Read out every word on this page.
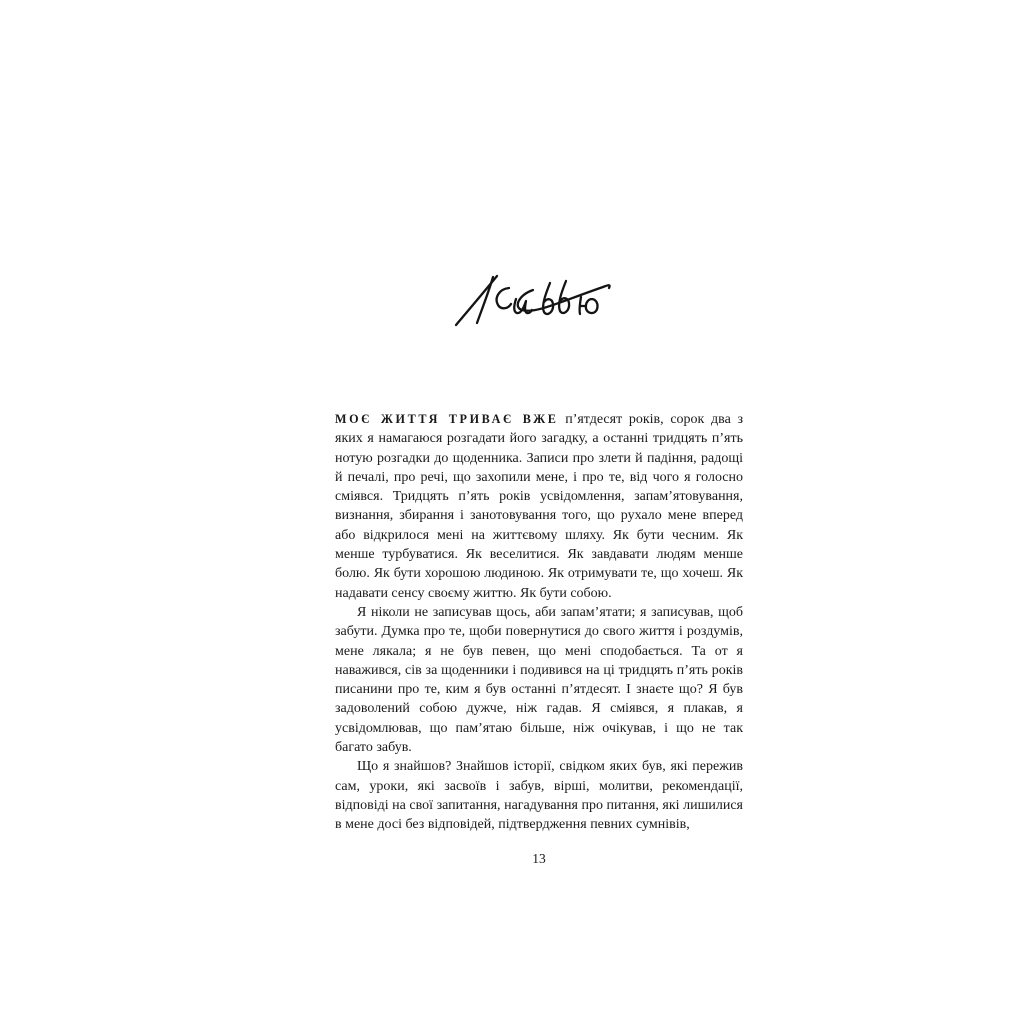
МОЄ ЖИТТЯ ТРИВАЄ ВЖЕ п’ятдесят років, сорок два з яких я намагаюся розгадати його загадку, а останні тридцять п’ять нотую розгадки до щоденника. Записи про злети й падіння, радощі й печалі, про речі, що захопили мене, і про те, від чого я голосно сміявся. Тридцять п’ять років усвідомлення, запам’ятовування, визнання, збирання і занотовування того, що рухало мене вперед або відкрилося мені на життєвому шляху. Як бути чесним. Як менше турбуватися. Як веселитися. Як завдавати людям менше болю. Як бути хорошою людиною. Як отримувати те, що хочеш. Як надавати сенсу своєму життю. Як бути собою.

Я ніколи не записував щось, аби запам’ятати; я записував, щоб забути. Думка про те, щоби повернутися до свого життя і роздумів, мене лякала; я не був певен, що мені сподобається. Та от я наважився, сів за щоденники і подивився на ці тридцять п’ять років писанини про те, ким я був останні п’ятдесят. І знаєте що? Я був задоволений собою дужче, ніж гадав. Я сміявся, я плакав, я усвідомлював, що пам’ятаю більше, ніж очікував, і що не так багато забув.

Що я знайшов? Знайшов історії, свідком яких був, які пережив сам, уроки, які засвоїв і забув, вірші, молитви, рекомендації, відповіді на свої запитання, нагадування про питання, які лишилися в мене досі без відповідей, підтвердження певних сумнівів,

13
